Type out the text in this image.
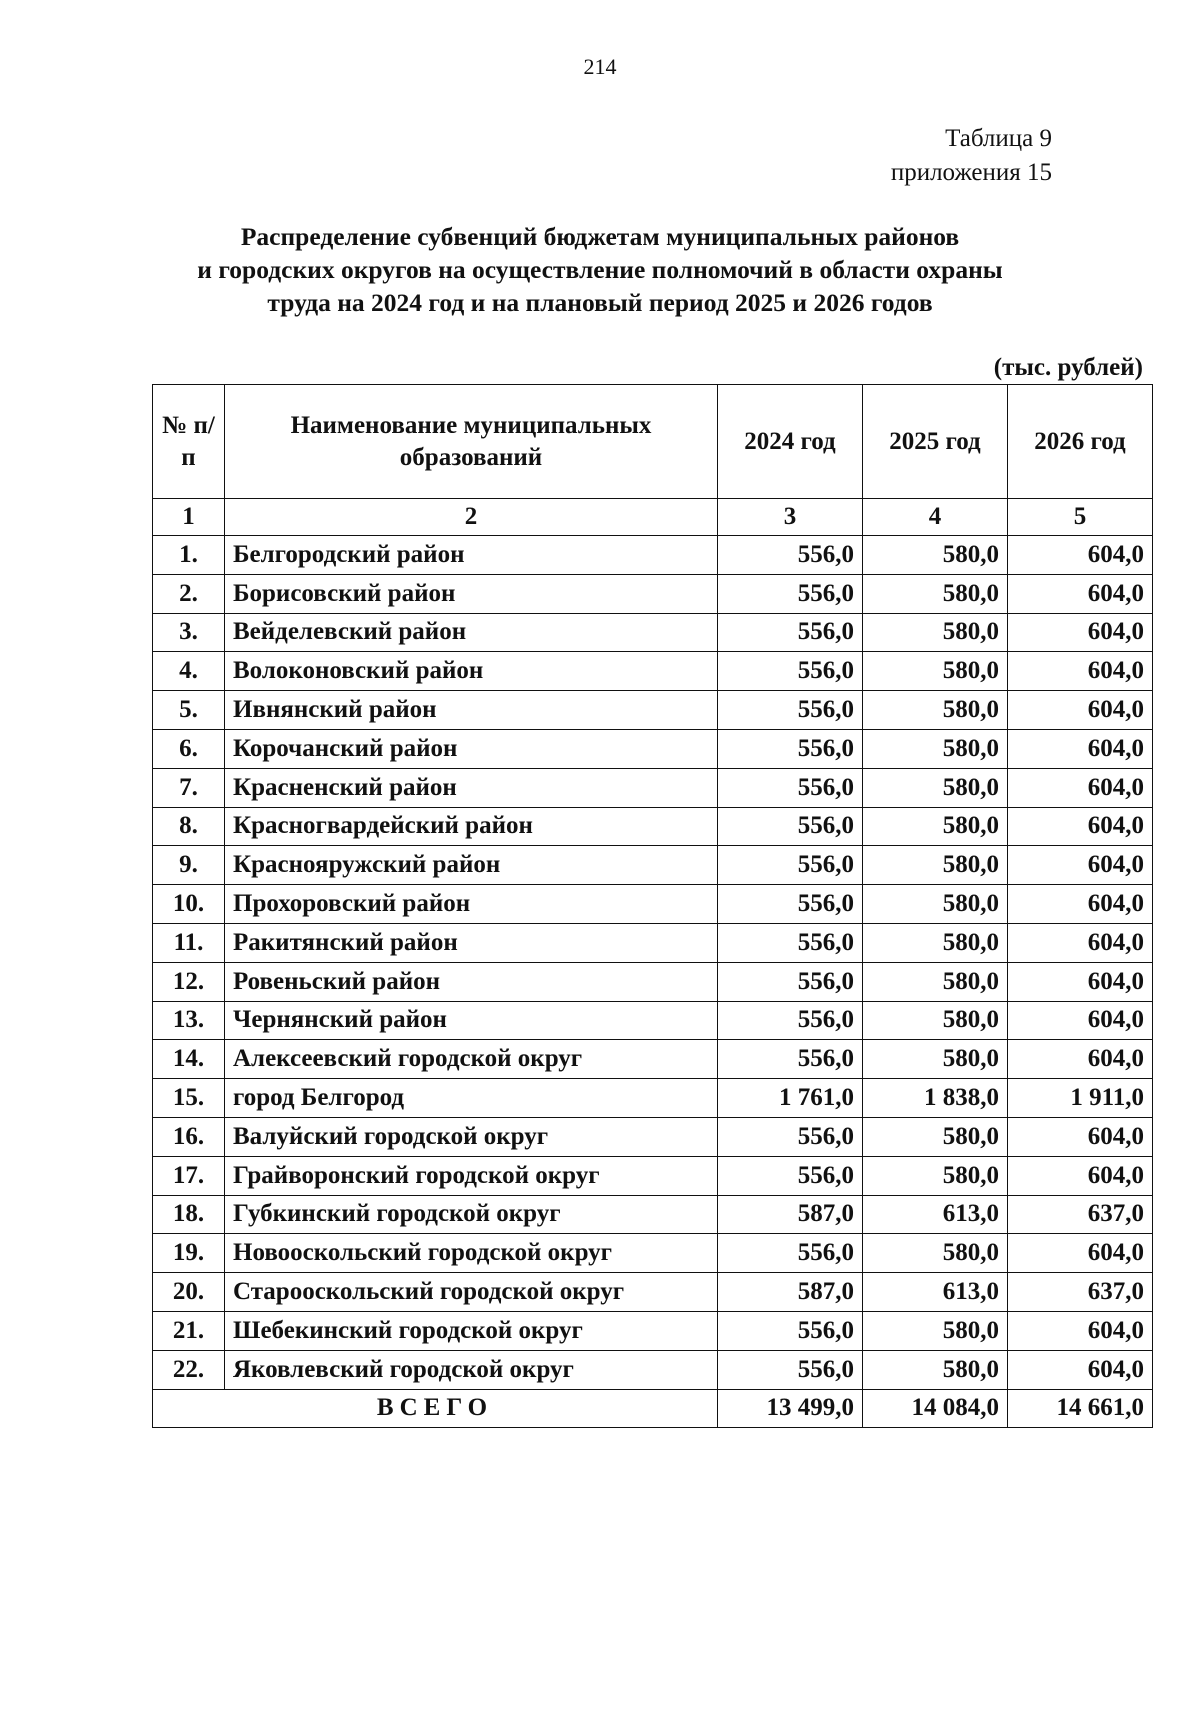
214
Таблица 9
приложения 15
Распределение субвенций бюджетам муниципальных районов
и городских округов на осуществление полномочий в области охраны
труда на 2024 год и на плановый период 2025 и 2026 годов
(тыс. рублей)
№ п/п	Наименование муниципальных образований	2024 год	2025 год	2026 год
1	2	3	4	5
1.	Белгородский район	556,0	580,0	604,0
2.	Борисовский район	556,0	580,0	604,0
3.	Вейделевский район	556,0	580,0	604,0
4.	Волоконовский район	556,0	580,0	604,0
5.	Ивнянский район	556,0	580,0	604,0
6.	Корочанский район	556,0	580,0	604,0
7.	Красненский район	556,0	580,0	604,0
8.	Красногвардейский район	556,0	580,0	604,0
9.	Краснояружский район	556,0	580,0	604,0
10.	Прохоровский район	556,0	580,0	604,0
11.	Ракитянский район	556,0	580,0	604,0
12.	Ровеньский район	556,0	580,0	604,0
13.	Чернянский район	556,0	580,0	604,0
14.	Алексеевский городской округ	556,0	580,0	604,0
15.	город Белгород	1 761,0	1 838,0	1 911,0
16.	Валуйский городской округ	556,0	580,0	604,0
17.	Грайворонский городской округ	556,0	580,0	604,0
18.	Губкинский городской округ	587,0	613,0	637,0
19.	Новооскольский городской округ	556,0	580,0	604,0
20.	Старооскольский городской округ	587,0	613,0	637,0
21.	Шебекинский городской округ	556,0	580,0	604,0
22.	Яковлевский городской округ	556,0	580,0	604,0
ВСЕГО		13 499,0	14 084,0	14 661,0
